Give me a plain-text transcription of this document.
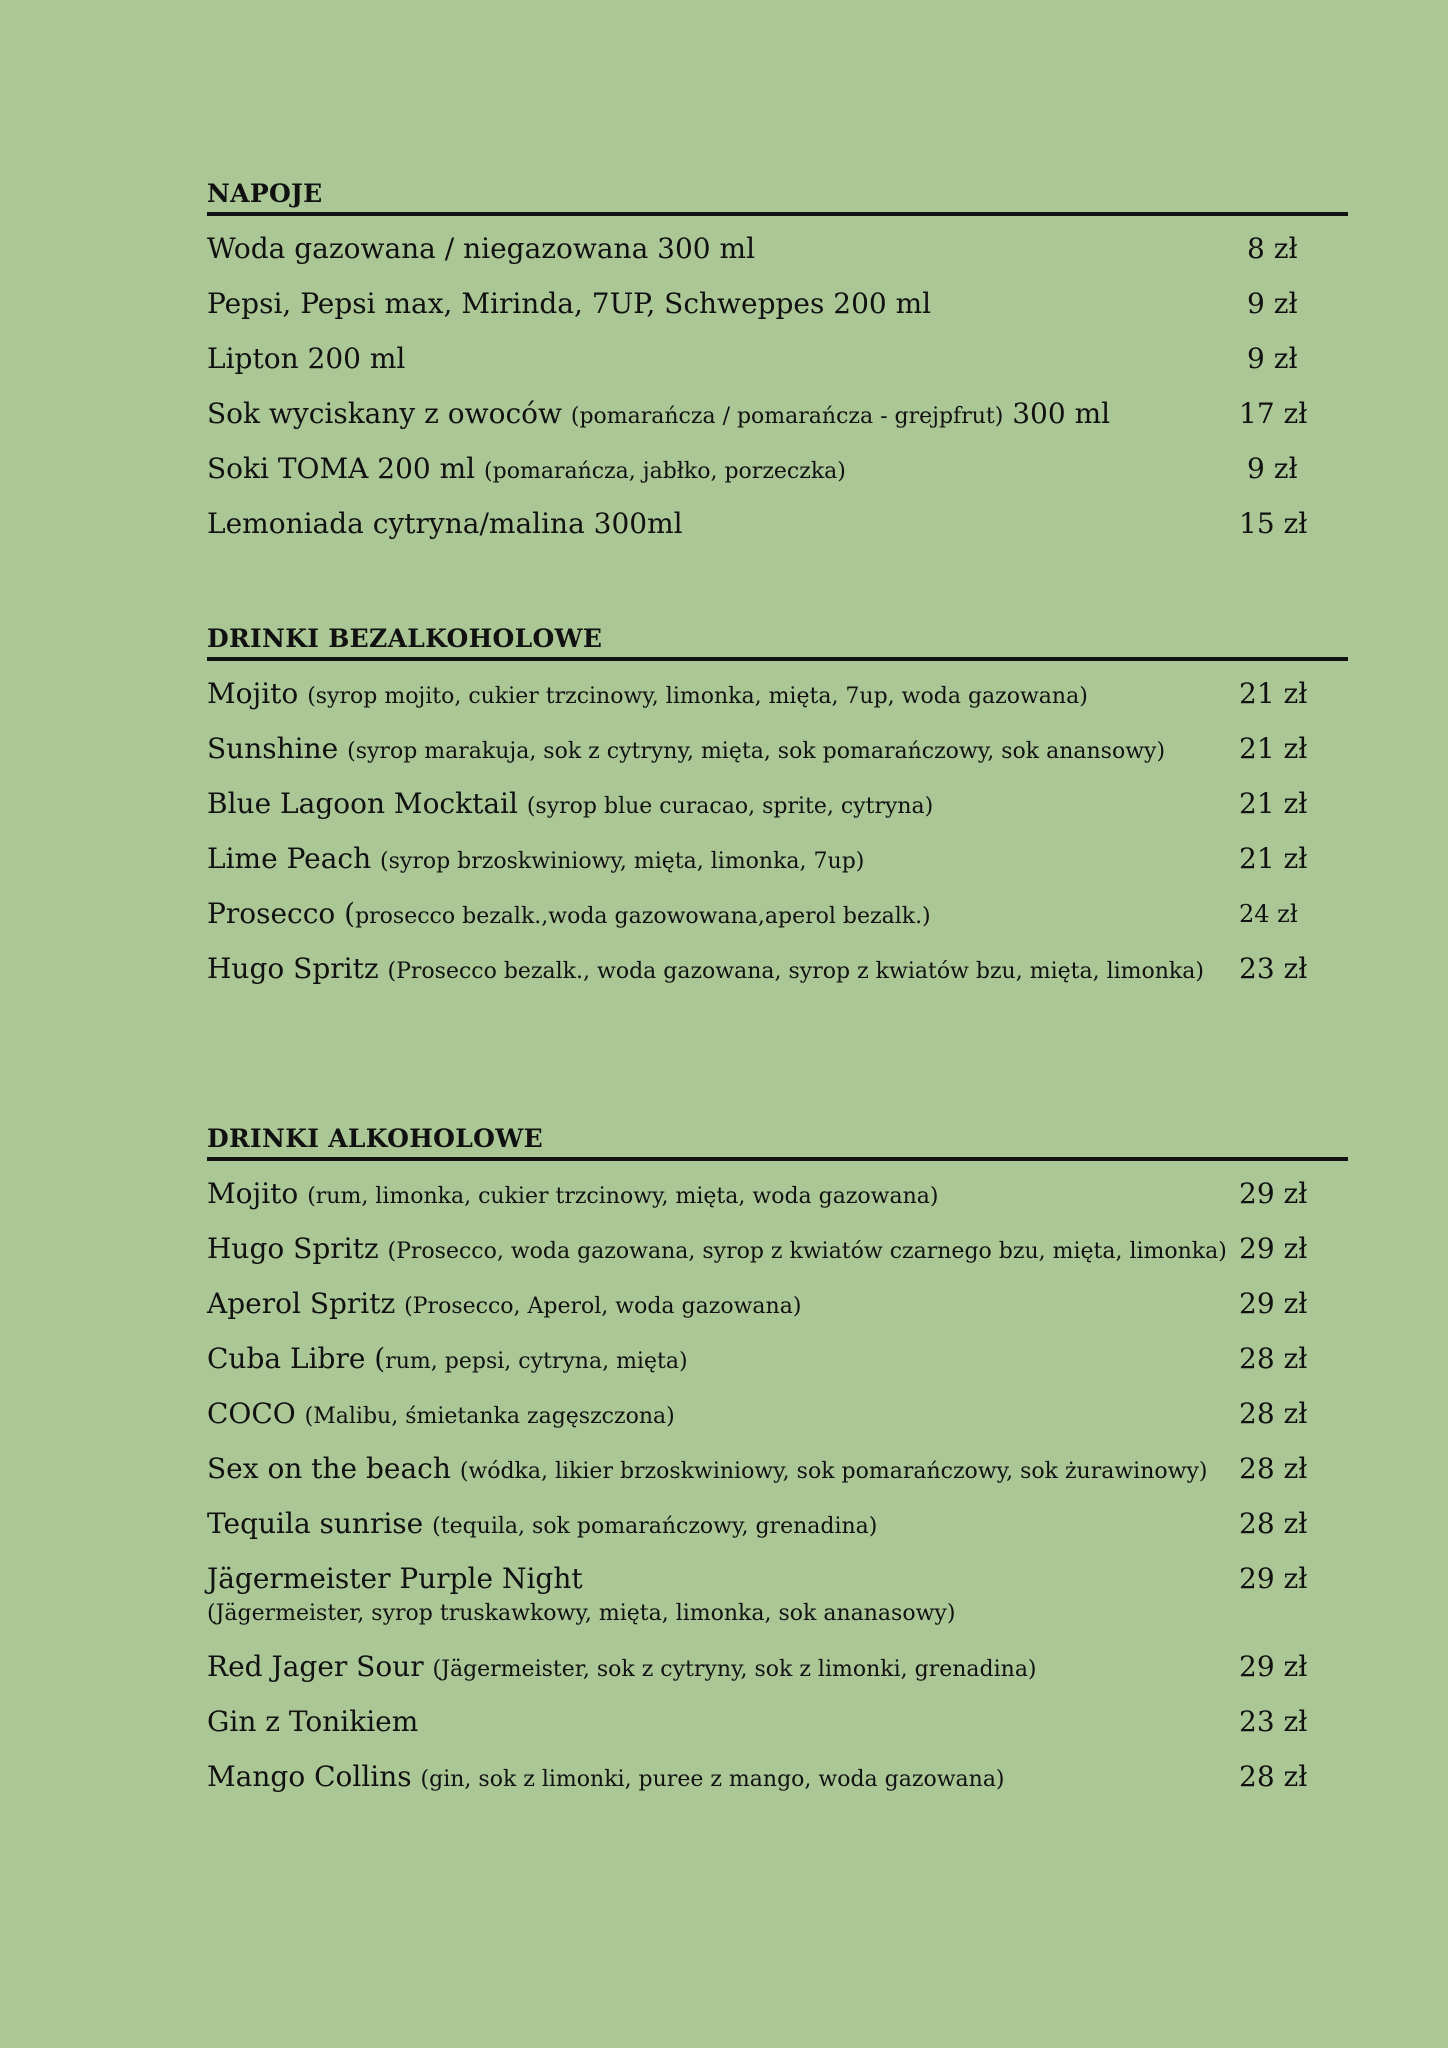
NAPOJE
Woda gazowana / niegazowana 300 ml	8 zł
Pepsi, Pepsi max, Mirinda, 7UP, Schweppes 200 ml	9 zł
Lipton 200 ml	9 zł
Sok wyciskany z owoców (pomarańcza / pomarańcza - grejpfrut) 300 ml	17 zł
Soki TOMA 200 ml (pomarańcza, jabłko, porzeczka)	9 zł
Lemoniada cytryna/malina 300ml	15 zł
DRINKI BEZALKOHOLOWE
Mojito (syrop mojito, cukier trzcinowy, limonka, mięta, 7up, woda gazowana)	21 zł
Sunshine (syrop marakuja, sok z cytryny, mięta, sok pomarańczowy, sok anansowy)	21 zł
Blue Lagoon Mocktail (syrop blue curacao, sprite, cytryna)	21 zł
Lime Peach (syrop brzoskwiniowy, mięta, limonka, 7up)	21 zł
Prosecco (prosecco bezalk.,woda gazowowana,aperol bezalk.)	24 zł
Hugo Spritz (Prosecco bezalk., woda gazowana, syrop z kwiatów bzu, mięta, limonka) 23 zł
DRINKI ALKOHOLOWE
Mojito (rum, limonka, cukier trzcinowy, mięta, woda gazowana)	29 zł
Hugo Spritz (Prosecco, woda gazowana, syrop z kwiatów czarnego bzu, mięta, limonka) 29 zł
Aperol Spritz (Prosecco, Aperol, woda gazowana)	29 zł
Cuba Libre (rum, pepsi, cytryna, mięta)	28 zł
COCO (Malibu, śmietanka zagęszczona)	28 zł
Sex on the beach (wódka, likier brzoskwiniowy, sok pomarańczowy, sok żurawinowy) 28 zł
Tequila sunrise (tequila, sok pomarańczowy, grenadina)	28 zł
Jägermeister Purple Night
(Jägermeister, syrop truskawkowy, mięta, limonka, sok ananasowy)
29 zł
Red Jager Sour (Jägermeister, sok z cytryny, sok z limonki, grenadina)	29 zł
Gin z Tonikiem	23 zł
Mango Collins (gin, sok z limonki, puree z mango, woda gazowana)	28 zł
